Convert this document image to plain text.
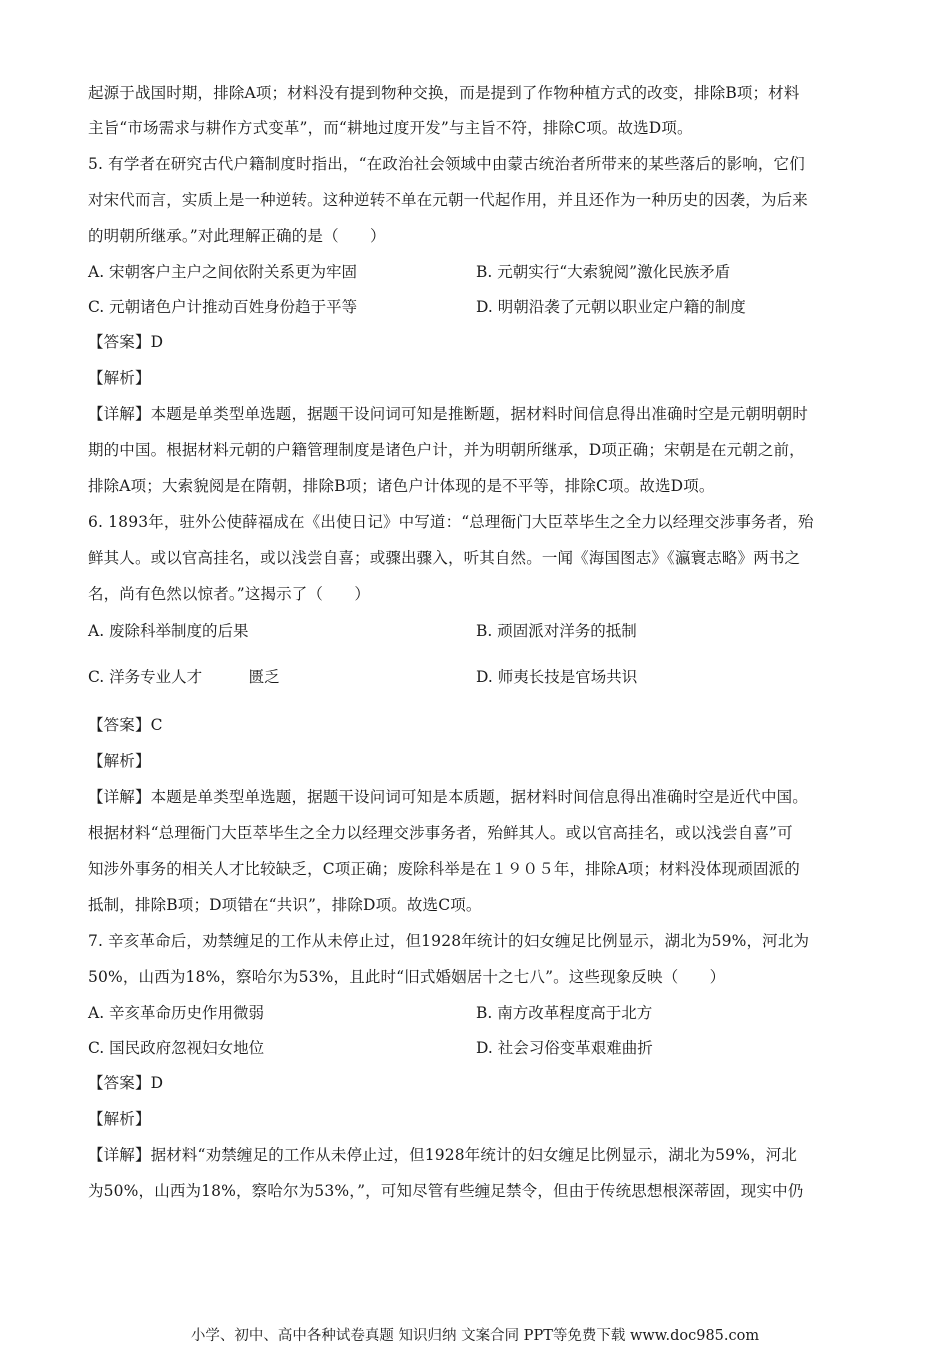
起源于战国时期，排除A项；材料没有提到物种交换，而是提到了作物种植方式的改变，排除B项；材料
主旨“市场需求与耕作方式变革”，而“耕地过度开发”与主旨不符，排除C项。故选D项。
5. 有学者在研究古代户籍制度时指出，“在政治社会领域中由蒙古统治者所带来的某些落后的影响，它们
对宋代而言，实质上是一种逆转。这种逆转不单在元朝一代起作用，并且还作为一种历史的因袭，为后来
的明朝所继承。”对此理解正确的是（　　）
A. 宋朝客户主户之间依附关系更为牢固	B. 元朝实行“大索貌阅”激化民族矛盾
C. 元朝诸色户计推动百姓身份趋于平等	D. 明朝沿袭了元朝以职业定户籍的制度
【答案】D
【解析】
【详解】本题是单类型单选题，据题干设问词可知是推断题，据材料时间信息得出准确时空是元朝明朝时
期的中国。根据材料元朝的户籍管理制度是诸色户计，并为明朝所继承，D项正确；宋朝是在元朝之前，
排除A项；大索貌阅是在隋朝，排除B项；诸色户计体现的是不平等，排除C项。故选D项。
6. 1893年，驻外公使薛福成在《出使日记》中写道：“总理衙门大臣萃毕生之全力以经理交涉事务者，殆
鲜其人。或以官高挂名，或以浅尝自喜；或骤出骤入，听其自然。一闻《海国图志》《瀛寰志略》两书之
名，尚有色然以惊者。”这揭示了（　　）
A. 废除科举制度的后果	B. 顽固派对洋务的抵制
C. 洋务专业人才　　　匮乏	D. 师夷长技是官场共识
【答案】C
【解析】
【详解】本题是单类型单选题，据题干设问词可知是本质题，据材料时间信息得出准确时空是近代中国。
根据材料“总理衙门大臣萃毕生之全力以经理交涉事务者，殆鲜其人。或以官高挂名，或以浅尝自喜”可
知涉外事务的相关人才比较缺乏，C项正确；废除科举是在１９０５年，排除A项；材料没体现顽固派的
抵制，排除B项；D项错在“共识”，排除D项。故选C项。
7. 辛亥革命后，劝禁缠足的工作从未停止过，但1928年统计的妇女缠足比例显示，湖北为59%，河北为
50%，山西为18%，察哈尔为53%，且此时“旧式婚姻居十之七八”。这些现象反映（　　）
A. 辛亥革命历史作用微弱	B. 南方改革程度高于北方
C. 国民政府忽视妇女地位	D. 社会习俗变革艰难曲折
【答案】D
【解析】
【详解】据材料“劝禁缠足的工作从未停止过，但1928年统计的妇女缠足比例显示，湖北为59%，河北
为50%，山西为18%，察哈尔为53%，”，可知尽管有些缠足禁令，但由于传统思想根深蒂固，现实中仍
小学、初中、高中各种试卷真题 知识归纳 文案合同 PPT等免费下载 www.doc985.com
